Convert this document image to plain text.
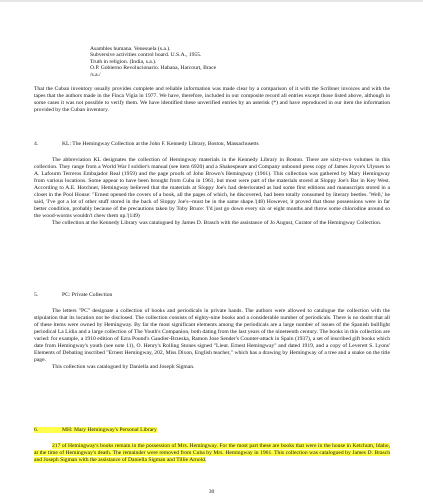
Asambles humana. Venesuela (s.a.).
Subversive activities control board. U.S.A., 1955.
Truth in religion. (India, s.a.).
O.P. Gobierno Revolucionario. Habana, Harcourt, Brace
/s.a./

That the Cuban inventory usually provides complete and reliable information was made clear by a comparison of it with the Scribner invoices and with the tapes that the authors made in the Finca Vigía in 1977. We have, therefore, included in our composite record all entries except those listed above, although in some cases it was not possible to verify them. We have identified these unverified entries by an asterisk (*) and have reproduced in our item the information provided by the Cuban inventory.

4.	KL: The Hemingway Collection at the John F. Kennedy Library, Boston, Massachusetts

The abbreviation KL designates the collection of Hemingway materials in the Kennedy Library in Boston. There are sixty-two volumes in this collection. They range from a World War I soldier's manual (see item 6920) and a Shakespeare and Company unbound press copy of James Joyce's Ulysses to A. Lafourm Terreros Embajador Real (1959) and the page proofs of John Brown's Hemingway (1961). This collection was gathered by Mary Hemingway from various locations. Some appear to have been brought from Cuba in 1961, but most were part of the materials stored at Sloppy Joe's Bar in Key West. According to A.E. Hotchner, Hemingway believed that the materials at Sloppy Joe's had deteriorated as had some first editions and manuscripts stored in a closet in the Pool House: "Ernest opened the covers of a book, all the pages of which, he discovered, had been totally consumed by literary beetles. 'Well,' he said, 'I've got a lot of other stuff stored in the back of Sloppy Joe's--must be in the same shape.'(48) However, it proved that those possessions were in far better condition, probably because of the precautions taken by Toby Bruce: 'I'd just go down every six or eight months and throw some chlorodine around so the wood-worms wouldn't chew them up.'(149)

The collection at the Kennedy Library was catalogued by James D. Brasch with the assistance of Jo August, Curator of the Hemingway Collection.

5.	PC: Private Collection

The letters "PC" designate a collection of books and periodicals in private hands. The authors were allowed to catalogue the collection with the stipulation that its location not be disclosed. The collection consists of eighty-nine books and a considerable number of periodicals. There is no doubt that all of these items were owned by Hemingway. By far the most significant elements among the periodicals are a large number of issues of the Spanish bullfight periodical La Lidia and a large collection of The Youth's Companion, both dating from the last years of the nineteenth century. The books in this collection are varied: for example, a 1910 edition of Ezra Pound's Gaudier-Brzeska, Ramon Jose Sender's Counter-attack in Spain (1937), a set of inscribed gift books which date from Hemingway's youth (see note 11), O. Henry's Rolling Stones signed "Lieut. Ernest Hemingway" and dated 1919, and a copy of Leverett S. Lyons' Elements of Debating inscribed "Ernest Hemingway, 202, Miss Dixon, English teacher," which has a drawing by Hemingway of a tree and a snake on the title page.

This collection was catalogued by Daniella and Joseph Sigman.

6.	MH: Mary Hemingway's Personal Library

217 of Hemingway's books remain in the possession of Mrs. Hemingway. For the most part these are books that were in the house in Ketchum, Idaho, at the time of Hemingway's death. The remainder were removed from Cuba by Mrs. Hemingway in 1961. This collection was catalogued by James D. Brasch and Joseph Sigman with the assistance of Daniella Sigman and Tillie Arnold.

30
